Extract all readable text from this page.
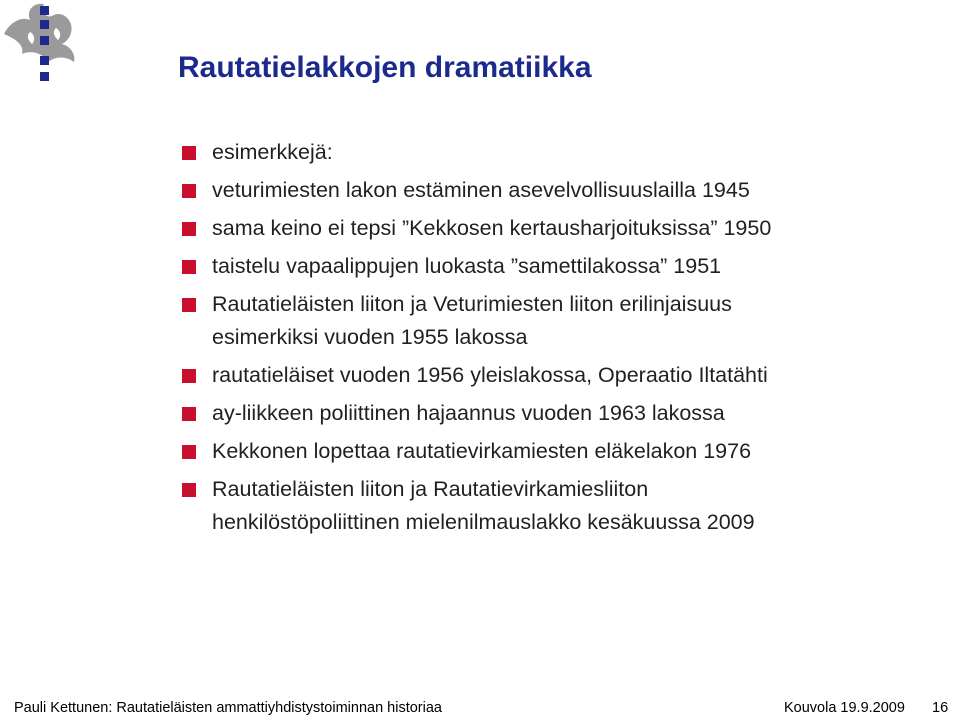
Rautatielakkojen dramatiikka
esimerkkejä:
veturimiesten lakon estäminen asevelvollisuuslailla 1945
sama keino ei tepsi ”Kekkosen kertausharjoituksissa” 1950
taistelu vapaalippujen luokasta ”samettilakossa” 1951
Rautatieläisten liiton ja Veturimiesten liiton erilinjaisuus
esimerkiksi vuoden 1955 lakossa
rautatieläiset vuoden 1956 yleislakossa, Operaatio Iltatähti
ay-liikkeen poliittinen hajaannus vuoden 1963 lakossa
Kekkonen lopettaa rautatievirkamiesten eläkelakon 1976
Rautatieläisten liiton ja Rautatievirkamiesliiton
henkilöstöpoliittinen mielenilmauslakko kesäkuussa 2009
Pauli Kettunen: Rautatieläisten ammattiyhdistystoiminnan historiaa	Kouvola 19.9.2009 16
